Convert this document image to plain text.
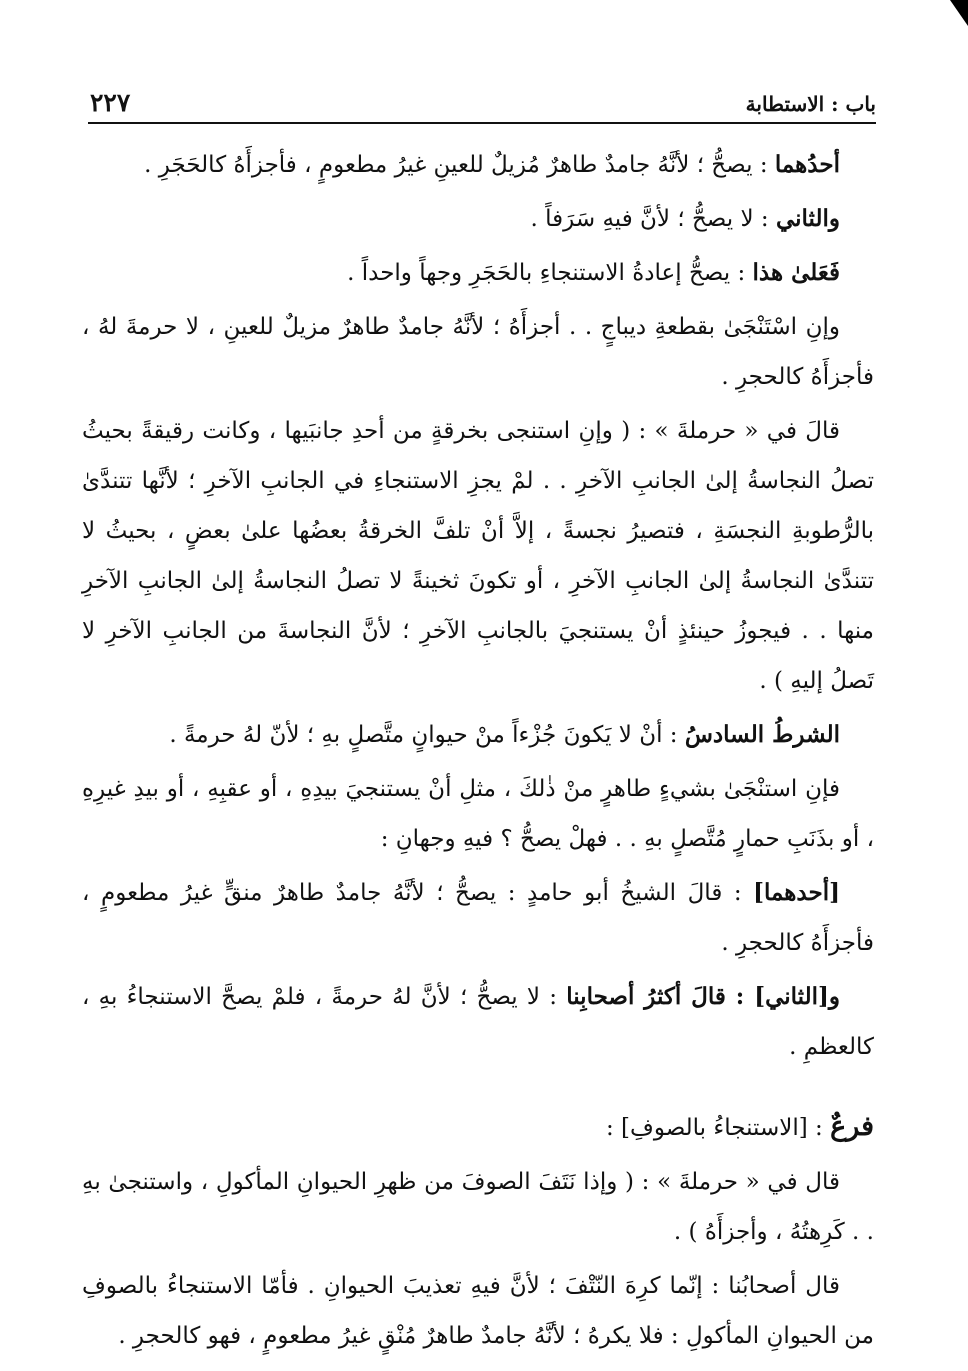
باب : الاستطابة
٢٢٧

أحدُهما : يصحُّ ؛ لأنَّهُ جامدٌ طاهرٌ مُزيلٌ للعينِ غيرُ مطعومٍ ، فأجزأَهُ كالحَجَرِ .

والثاني : لا يصحُّ ؛ لأنَّ فيهِ سَرَفاً .

فَعَلىٰ هذا : يصحُّ إعادةُ الاستنجاءِ بالحَجَرِ وجهاً واحداً .

وإنِ اسْتَنْجَىٰ بقطعةِ ديباجٍ . . أجزأَهُ ؛ لأنَّهُ جامدٌ طاهرٌ مزيلٌ للعينِ ، لا حرمةَ لهُ ، فأجزأَهُ كالحجرِ .

قالَ في « حرملةَ » : ( وإنِ استنجى بخرقةٍ من أحدِ جانبَيها ، وكانت رقيقةً بحيثُ تصلُ النجاسةُ إلىٰ الجانبِ الآخرِ . . لمْ يجزِ الاستنجاءِ في الجانبِ الآخرِ ؛ لأنَّها تتندَّىٰ بالرُّطوبةِ النجسَةِ ، فتصيرُ نجسةً ، إلاَّ أنْ تلفَّ الخرقةُ بعضُها علىٰ بعضٍ ، بحيثُ لا تتندَّىٰ النجاسةُ إلىٰ الجانبِ الآخرِ ، أو تكونَ ثخينةً لا تصلُ النجاسةُ إلىٰ الجانبِ الآخرِ منها . . فيجوزُ حينئذٍ أنْ يستنجيَ بالجانبِ الآخرِ ؛ لأنَّ النجاسةَ من الجانبِ الآخرِ لا تَصلُ إليهِ ) .

الشرطُ السادسُ : أنْ لا يَكونَ جُزْءاً منْ حيوانٍ متَّصلٍ بهِ ؛ لأنّ لهُ حرمةً .

فإنِ استنْجَىٰ بشيءٍ طاهرٍ منْ ذٰلكَ ، مثلِ أنْ يستنجيَ بيدِهِ ، أو عقبِهِ ، أو بيدِ غيرِهِ ، أو بذَنَبِ حمارٍ مُتَّصلٍ بهِ . . فهلْ يصحُّ ؟ فيهِ وجهانِ :

[أحدهما] : قالَ الشيخُ أبو حامدٍ : يصحُّ ؛ لأنَّهُ جامدٌ طاهرٌ منقٍّ غيرُ مطعومٍ ، فأجزأَهُ كالحجرِ .

و[الثاني] : قالَ أكثرُ أصحابِنا : لا يصحُّ ؛ لأنَّ لهُ حرمةً ، فلمْ يصحَّ الاستنجاءُ بهِ ، كالعظمِ .

فرعٌ : [الاستنجاءُ بالصوفِ] :

قال في « حرملةَ » : ( وإذا نَتَفَ الصوفَ من ظهرِ الحيوانِ المأكولِ ، واستنجىٰ بهِ . . كَرِهتُهُ ، وأجزأَهُ ) .

قال أصحابُنا : إنّما كرِهَ النّتْفَ ؛ لأنَّ فيهِ تعذيبَ الحيوانِ . فأمّا الاستنجاءُ بالصوفِ من الحيوانِ المأكولِ : فلا يكرهُ ؛ لأنَّهُ جامدٌ طاهرٌ مُنْقٍ غيرُ مطعومٍ ، فهو كالحجرِ .
